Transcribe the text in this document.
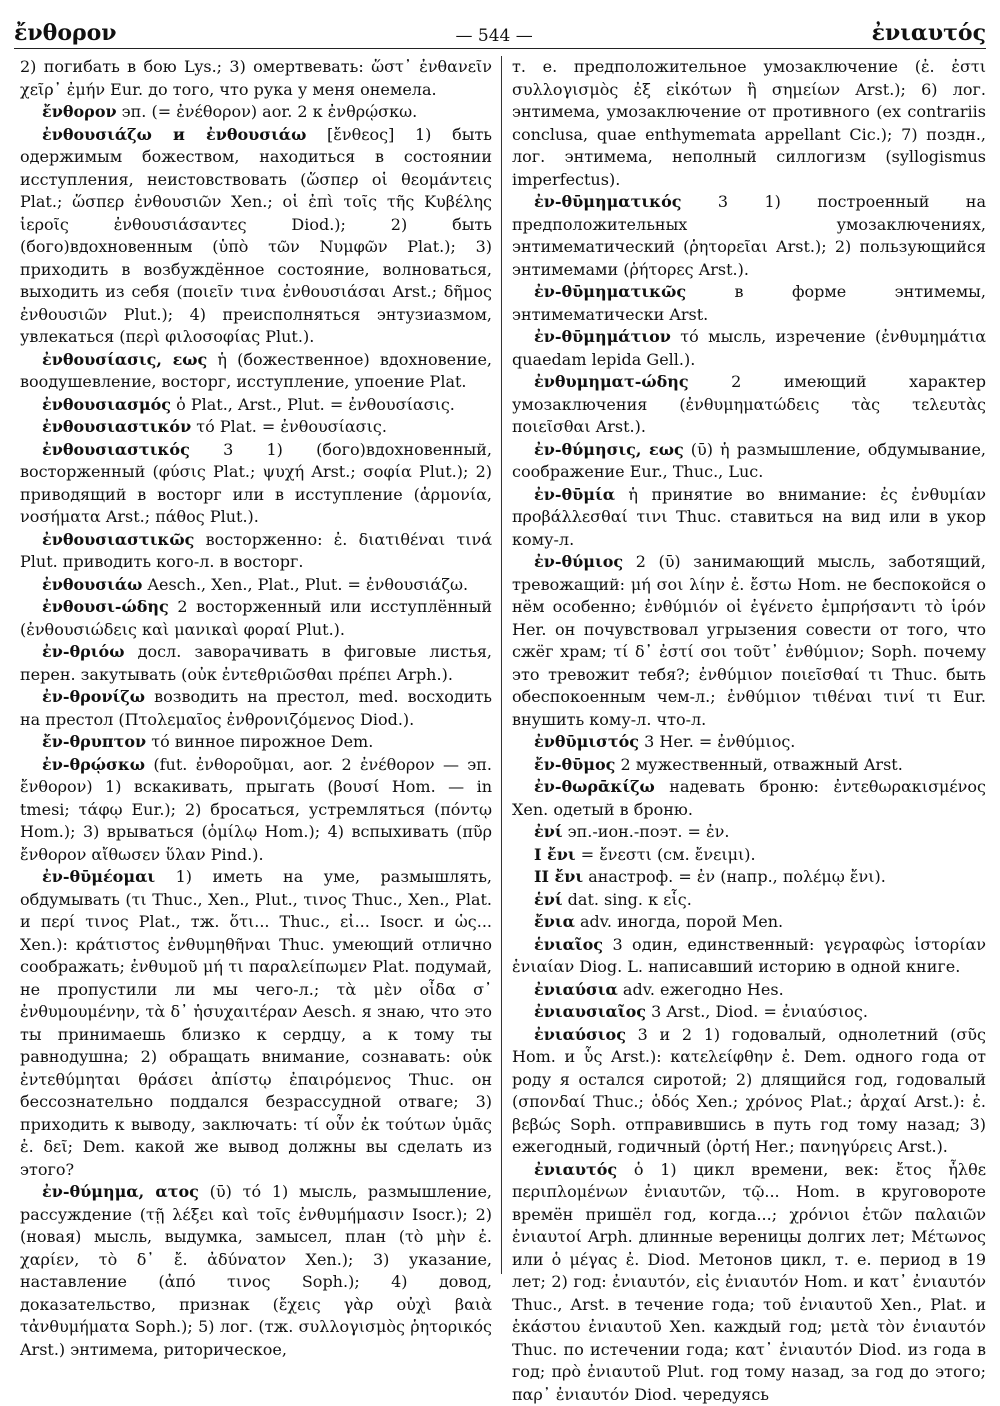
ἔνθορον	— 544 —	ἐνιαυτός

2) погибать в бою Lys.; 3) омертвевать: ὥστ᾽ ἐνθανεῖν χεῖρ᾽ ἐμήν Eur. до того, что рука у меня онемела.

ἔνθορον эп. (= ἐνέθορον) aor. 2 к ἐνθρῴσκω.

ἐνθουσιάζω и ἐνθουσιάω [ἔνθεος] 1) быть одержимым божеством, находиться в состоянии исступления, неистовствовать (ὥσπερ οἱ θεομάντεις Plat.; ὥσπερ ἐνθουσιῶν Xen.; οἱ ἐπὶ τοῖς τῆς Κυβέλης ἱεροῖς ἐνθουσιάσαντες Diod.); 2) быть (бого)вдохновенным (ὑπὸ τῶν Νυμφῶν Plat.); 3) приходить в возбуждённое состояние, волноваться, выходить из себя (ποιεῖν τινα ἐνθουσιάσαι Arst.; δῆμος ἐνθουσιῶν Plut.); 4) преисполняться энтузиазмом, увлекаться (περὶ φιλοσοφίας Plut.).

ἐνθουσίασις, εως ἡ (божественное) вдохновение, воодушевление, восторг, исступление, упоение Plat.

ἐνθουσιασμός ὁ Plat., Arst., Plut. = ἐνθουσίασις.

ἐνθουσιαστικόν τό Plat. = ἐνθουσίασις.

ἐνθουσιαστικός 3 1) (бого)вдохновенный, восторженный (φύσις Plat.; ψυχή Arst.; σοφία Plut.); 2) приводящий в восторг или в исступление (ἁρμονία, νοσήματα Arst.; πάθος Plut.).

ἐνθουσιαστικῶς восторженно: ἐ. διατιθέναι τινά Plut. приводить кого-л. в восторг.

ἐνθουσιάω Aesch., Xen., Plat., Plut. = ἐνθουσιάζω.

ἐνθουσι-ώδης 2 восторженный или исступлённый (ἐνθουσιώδεις καὶ μανικαὶ φοραί Plut.).

ἐν-θριόω досл. заворачивать в фиговые листья, перен. закутывать (οὐκ ἐντεθριῶσθαι πρέπει Arph.).

ἐν-θρονίζω возводить на престол, med. восходить на престол (Πτολεμαῖος ἐνθρονιζόμενος Diod.).

ἔν-θρυπτον τό винное пирожное Dem.

ἐν-θρῴσκω (fut. ἐνθοροῦμαι, aor. 2 ἐνέθορον — эп. ἔνθορον) 1) вскакивать, прыгать (βουσί Hom. — in tmesi; τάφῳ Eur.); 2) бросаться, устремляться (πόντῳ Hom.); 3) врываться (ὁμίλῳ Hom.); 4) вспыхивать (πῦρ ἔνθορον αἴθωσεν ὕλαν Pind.).

ἐν-θῡμέομαι 1) иметь на уме, размышлять, обдумывать (τι Thuc., Xen., Plut., τινος Thuc., Xen., Plat. и περί τινος Plat., тж. ὅτι... Thuc., εἰ... Isocr. и ὡς... Xen.): κράτιστος ἐνθυμηθῆναι Thuc. умеющий отлично соображать; ἐνθυμοῦ μή τι παραλείπωμεν Plat. подумай, не пропустили ли мы чего-л.; τὰ μὲν οἶδα σ᾽ ἐνθυμουμένην, τὰ δ᾽ ἡσυχαιτέραν Aesch. я знаю, что это ты принимаешь близко к сердцу, а к тому ты равнодушна; 2) обращать внимание, сознавать: οὐκ ἐντεθύμηται θράσει ἀπίστῳ ἐπαιρόμενος Thuc. он бессознательно поддался безрассудной отваге; 3) приходить к выводу, заключать: τί οὖν ἐκ τούτων ὑμᾶς ἐ. δεῖ; Dem. какой же вывод должны вы сделать из этого?

ἐν-θύμημα, ατος (ῡ) τό 1) мысль, размышление, рассуждение (τῇ λέξει καὶ τοῖς ἐνθυμήμασιν Isocr.); 2) (новая) мысль, выдумка, замысел, план (τὸ μὴν ἐ. χαρίεν, τὸ δ᾽ ἔ. ἀδύνατον Xen.); 3) указание, наставление (ἀπό τινος Soph.); 4) довод, доказательство, признак (ἔχεις γὰρ οὐχὶ βαιὰ τἀνθυμήματα Soph.); 5) лог. (тж. συλλογισμὸς ῥητορικός Arst.) энтимема, риторическое,

т. е. предположительное умозаключение (ἐ. ἐστι συλλογισμὸς ἐξ εἰκότων ἢ σημείων Arst.); 6) лог. энтимема, умозаключение от противного (ex contrariis conclusa, quae enthymemata appellant Cic.); 7) поздн., лог. энтимема, неполный силлогизм (syllogismus imperfectus).

ἐν-θῡμηματικός 3 1) построенный на предположительных умозаключениях, энтимематический (ῥητορεῖαι Arst.); 2) пользующийся энтимемами (ῥήτορες Arst.).

ἐν-θῡμηματικῶς в форме энтимемы, энтимематически Arst.

ἐν-θῡμημάτιον τό мысль, изречение (ἐνθυμημάτια quaedam lepida Gell.).

ἐνθυμηματ-ώδης 2 имеющий характер умозаключения (ἐνθυμηματώδεις τὰς τελευτὰς ποιεῖσθαι Arst.).

ἐν-θύμησις, εως (ῡ) ἡ размышление, обдумывание, соображение Eur., Thuc., Luc.

ἐν-θῡμία ἡ принятие во внимание: ἐς ἐνθυμίαν προβάλλεσθαί τινι Thuc. ставиться на вид или в укор кому-л.

ἐν-θύμιος 2 (ῡ) занимающий мысль, заботящий, тревожащий: μή σοι λίην ἐ. ἔστω Hom. не беспокойся о нём особенно; ἐνθύμιόν οἱ ἐγένετο ἐμπρήσαντι τὸ ἱρόν Her. он почувствовал угрызения совести от того, что сжёг храм; τί δ᾽ ἐστί σοι τοῦτ᾽ ἐνθύμιον; Soph. почему это тревожит тебя?; ἐνθύμιον ποιεῖσθαί τι Thuc. быть обеспокоенным чем-л.; ἐνθύμιον τιθέναι τινί τι Eur. внушить кому-л. что-л.

ἐνθῡμιστός 3 Her. = ἐνθύμιος.

ἔν-θῡμος 2 мужественный, отважный Arst.

ἐν-θωρᾱκίζω надевать броню: ἐντεθωρακισμένος Xen. одетый в броню.

ἐνί эп.-ион.-поэт. = ἐν.

I ἔνι = ἔνεστι (см. ἔνειμι).

II ἔνι анастроф. = ἐν (напр., πολέμῳ ἔνι).

ἑνί dat. sing. к εἷς.

ἔνια adv. иногда, порой Men.

ἑνιαῖος 3 один, единственный: γεγραφὼς ἱστορίαν ἑνιαίαν Diog. L. написавший историю в одной книге.

ἐνιαύσια adv. ежегодно Hes.

ἐνιαυσιαῖος 3 Arst., Diod. = ἐνιαύσιος.

ἐνιαύσιος 3 и 2 1) годовалый, однолетний (σῦς Hom. и ὗς Arst.): κατελείφθην ἐ. Dem. одного года от роду я остался сиротой; 2) длящийся год, годовалый (σπονδαί Thuc.; ὁδός Xen.; χρόνος Plat.; ἀρχαί Arst.): ἐ. βεβώς Soph. отправившись в путь год тому назад; 3) ежегодный, годичный (ὀρτή Her.; πανηγύρεις Arst.).

ἐνιαυτός ὁ 1) цикл времени, век: ἔτος ἦλθε περιπλομένων ἐνιαυτῶν, τῷ... Hom. в круговороте времён пришёл год, когда...; χρόνιοι ἐτῶν παλαιῶν ἐνιαυτοί Arph. длинные вереницы долгих лет; Μέτωνος или ὁ μέγας ἐ. Diod. Метонов цикл, т. е. период в 19 лет; 2) год: ἐνιαυτόν, εἰς ἐνιαυτόν Hom. и κατ᾽ ἐνιαυτόν Thuc., Arst. в течение года; τοῦ ἐνιαυτοῦ Xen., Plat. и ἑκάστου ἐνιαυτοῦ Xen. каждый год; μετὰ τὸν ἐνιαυτόν Thuc. по истечении года; κατ᾽ ἐνιαυτόν Diod. из года в год; πρὸ ἐνιαυτοῦ Plut. год тому назад, за год до этого; παρ᾽ ἐνιαυτόν Diod. чередуясь
